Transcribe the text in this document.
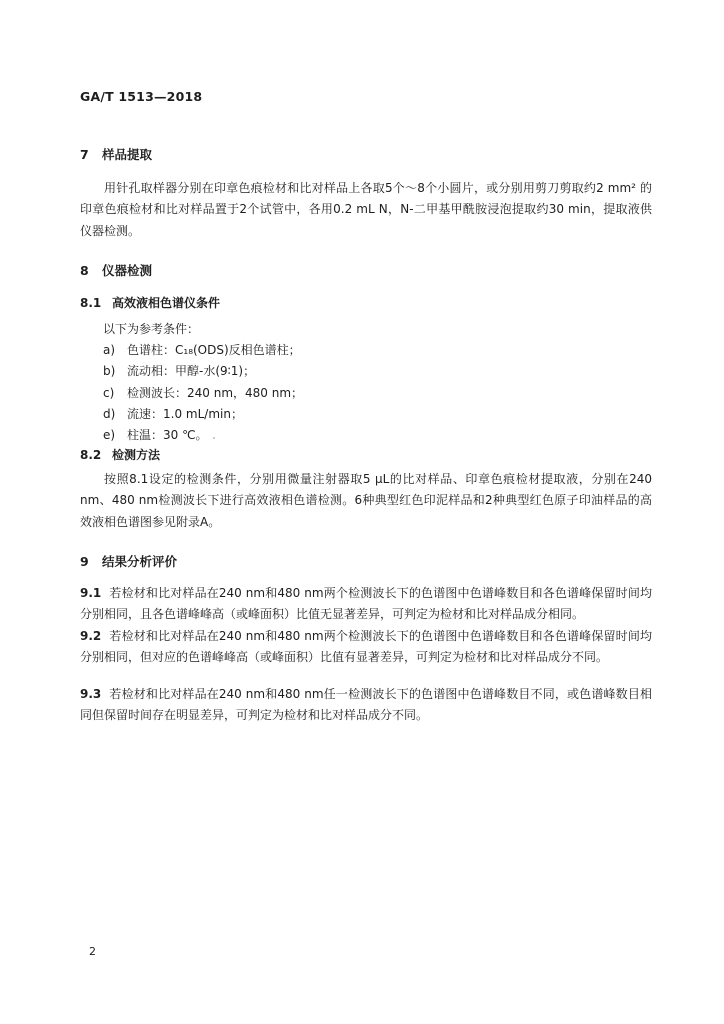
GA/T 1513—2018
7 样品提取
用针孔取样器分别在印章色痕检材和比对样品上各取5个～8个小圆片，或分别用剪刀剪取约2 mm² 的印章色痕检材和比对样品置于2个试管中，各用0.2 mL N，N-二甲基甲酰胺浸泡提取约30 min，提取液供仪器检测。
8 仪器检测
8.1 高效液相色谱仪条件
以下为参考条件：
a) 色谱柱：C₁₈(ODS)反相色谱柱；
b) 流动相：甲醇-水(9∶1)；
c) 检测波长：240 nm，480 nm；
d) 流速：1.0 mL/min；
e) 柱温：30 ℃。
8.2 检测方法
按照8.1设定的检测条件，分别用微量注射器取5 μL的比对样品、印章色痕检材提取液，分别在240 nm、480 nm检测波长下进行高效液相色谱检测。6种典型红色印泥样品和2种典型红色原子印油样品的高效液相色谱图参见附录A。
9 结果分析评价
9.1 若检材和比对样品在240 nm和480 nm两个检测波长下的色谱图中色谱峰数目和各色谱峰保留时间均分别相同，且各色谱峰峰高（或峰面积）比值无显著差异，可判定为检材和比对样品成分相同。
9.2 若检材和比对样品在240 nm和480 nm两个检测波长下的色谱图中色谱峰数目和各色谱峰保留时间均分别相同，但对应的色谱峰峰高（或峰面积）比值有显著差异，可判定为检材和比对样品成分不同。
9.3 若检材和比对样品在240 nm和480 nm任一检测波长下的色谱图中色谱峰数目不同，或色谱峰数目相同但保留时间存在明显差异，可判定为检材和比对样品成分不同。
2
